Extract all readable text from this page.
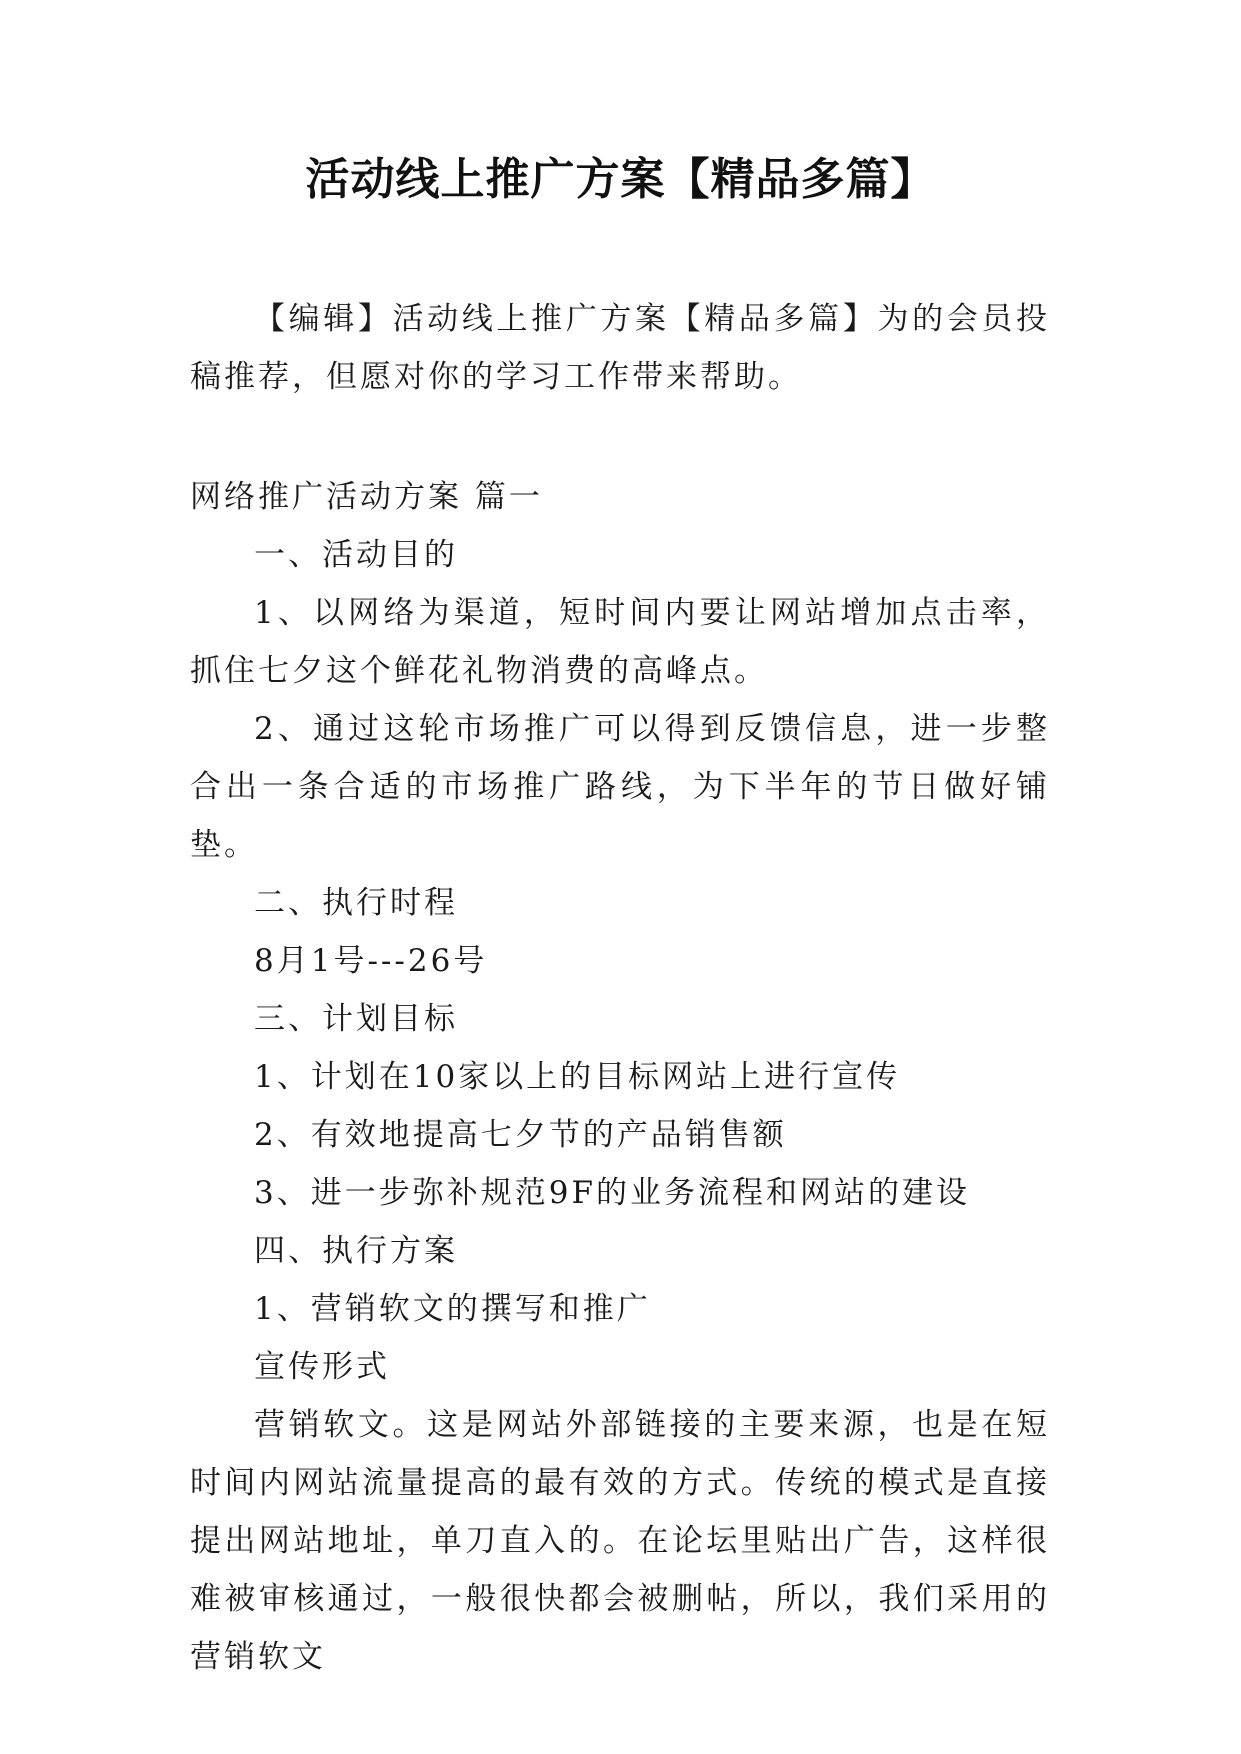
活动线上推广方案【精品多篇】

【编辑】活动线上推广方案【精品多篇】为的会员投稿推荐，但愿对你的学习工作带来帮助。

网络推广活动方案 篇一

一、活动目的

1、以网络为渠道，短时间内要让网站增加点击率，抓住七夕这个鲜花礼物消费的高峰点。

2、通过这轮市场推广可以得到反馈信息，进一步整合出一条合适的市场推广路线，为下半年的节日做好铺垫。

二、执行时程

8月1号---26号

三、计划目标

1、计划在10家以上的目标网站上进行宣传

2、有效地提高七夕节的产品销售额

3、进一步弥补规范9F的业务流程和网站的建设

四、执行方案

1、营销软文的撰写和推广

宣传形式

营销软文。这是网站外部链接的主要来源，也是在短时间内网站流量提高的最有效的方式。传统的模式是直接提出网站地址，单刀直入的。在论坛里贴出广告，这样很难被审核通过，一般很快都会被删帖，所以，我们采用的营销软文
